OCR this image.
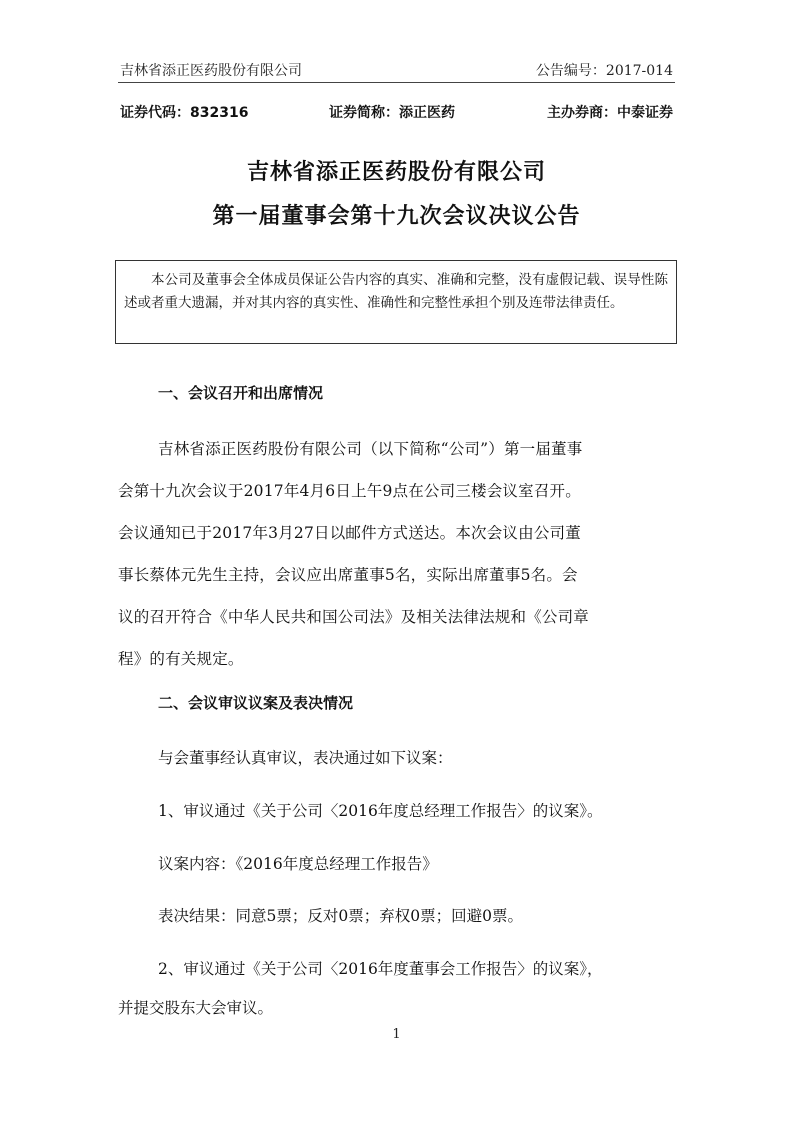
吉林省添正医药股份有限公司	公告编号：2017-014
证券代码：832316	证券简称：添正医药	主办券商：中泰证券
吉林省添正医药股份有限公司
第一届董事会第十九次会议决议公告

本公司及董事会全体成员保证公告内容的真实、准确和完整，没有虚假记载、误导性陈述或者重大遗漏，并对其内容的真实性、准确性和完整性承担个别及连带法律责任。

一、会议召开和出席情况
吉林省添正医药股份有限公司（以下简称“公司”）第一届董事
会第十九次会议于2017年4月6日上午9点在公司三楼会议室召开。
会议通知已于2017年3月27日以邮件方式送达。本次会议由公司董
事长蔡体元先生主持，会议应出席董事5名，实际出席董事5名。会
议的召开符合《中华人民共和国公司法》及相关法律法规和《公司章
程》的有关规定。
二、会议审议议案及表决情况
与会董事经认真审议，表决通过如下议案：
1、审议通过《关于公司〈2016年度总经理工作报告〉的议案》。
议案内容：《2016年度总经理工作报告》
表决结果：同意5票；反对0票；弃权0票；回避0票。
2、审议通过《关于公司〈2016年度董事会工作报告〉的议案》，
并提交股东大会审议。
1
